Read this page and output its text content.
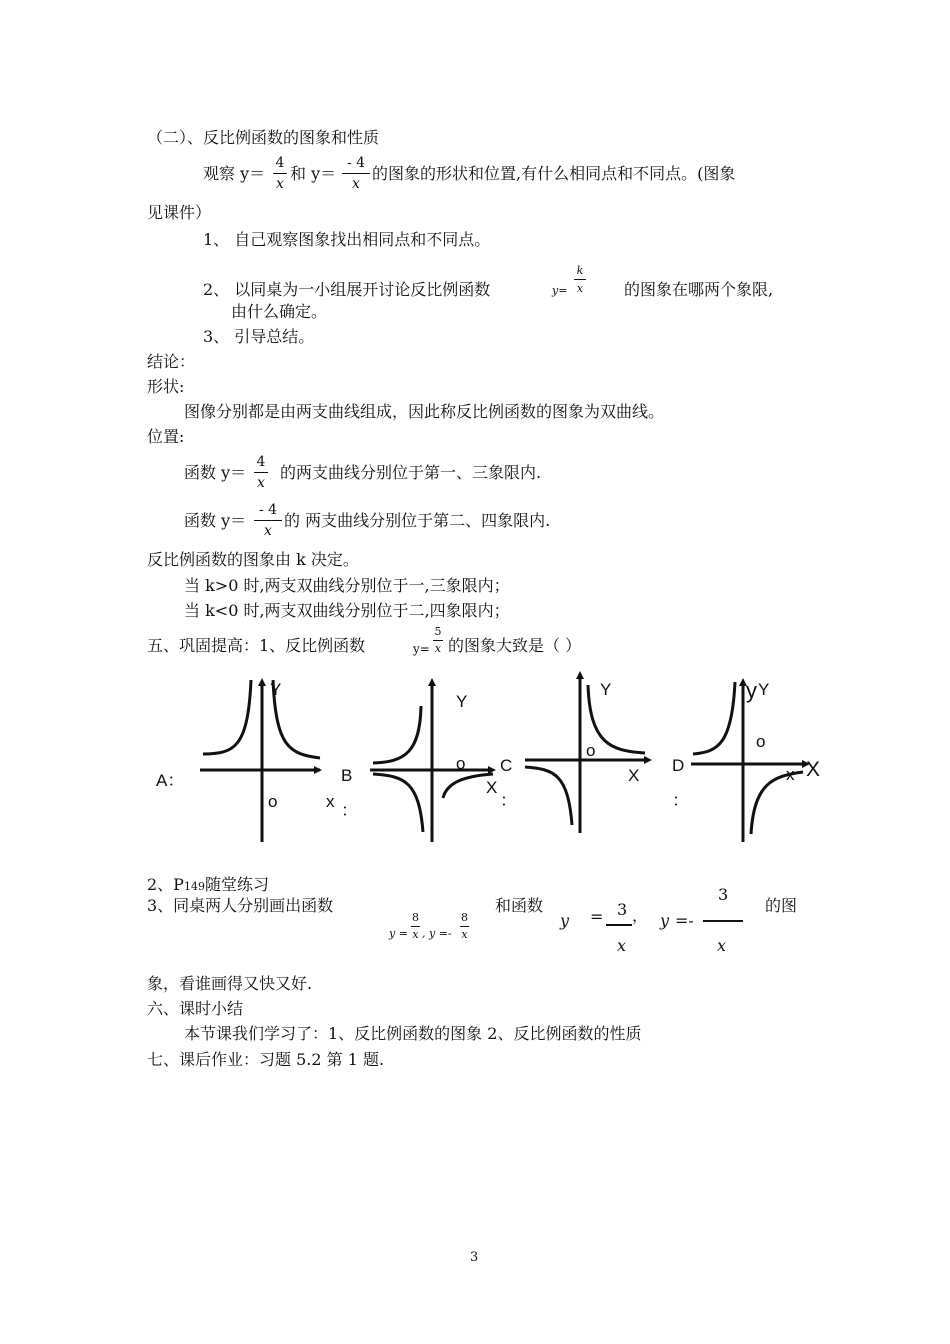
（二）、反比例函数的图象和性质
观察 y＝
4
x
和 y＝
- 4
x
的图象的形状和位置,有什么相同点和不同点。(图象
见课件）
1、 自己观察图象找出相同点和不同点。
2、 以同桌为一小组展开讨论反比例函数	y=
k
x	的图象在哪两个象限,
由什么确定。
3、 引导总结。
结论：
形状:
图像分别都是由两支曲线组成，因此称反比例函数的图象为双曲线。
位置:
函数 y＝
4
x
的两支曲线分别位于第一、三象限内.
函数 y＝
- 4
x
的 两支曲线分别位于第二、四象限内.
反比例函数的图象由 k 决定。
当 k>0 时,两支双曲线分别位于一,三象限内；
当 k<0 时,两支双曲线分别位于二,四象限内；
五、巩固提高：1、反比例函数	y=
5
x 的图象大致是（ ）
A：
Y
o	x
B
：
Y
o
X
：
C
Y
o
X
D
：
y Y
o
x X
2、P149随堂练习
3、同桌两人分别画出函数
y =
8
x , y =-
8
x
和函数
y = 3
x
， y =-
3
x
的图
象，看谁画得又快又好.
六、课时小结
本节课我们学习了：1、反比例函数的图象 2、反比例函数的性质
七、课后作业：习题 5.2 第 1 题.
3
